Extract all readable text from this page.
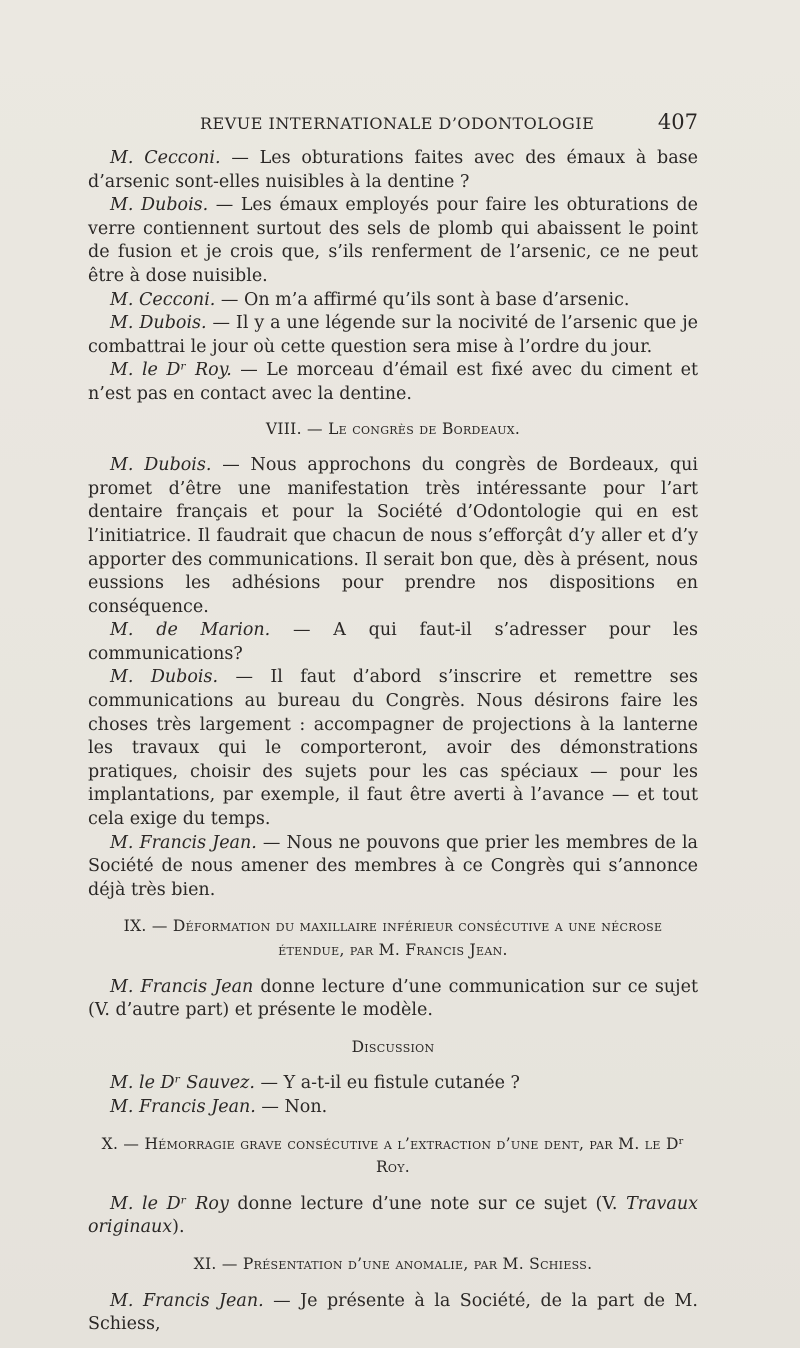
REVUE INTERNATIONALE D’ODONTOLOGIE	407

M. Cecconi. — Les obturations faites avec des émaux à base d’arsenic sont-elles nuisibles à la dentine ?

M. Dubois. — Les émaux employés pour faire les obturations de verre contiennent surtout des sels de plomb qui abaissent le point de fusion et je crois que, s’ils renferment de l’arsenic, ce ne peut être à dose nuisible.

M. Cecconi. — On m’a affirmé qu’ils sont à base d’arsenic.

M. Dubois. — Il y a une légende sur la nocivité de l’arsenic que je combattrai le jour où cette question sera mise à l’ordre du jour.

M. le Dʳ Roy. — Le morceau d’émail est fixé avec du ciment et n’est pas en contact avec la dentine.

VIII. — Le congrès de Bordeaux.

M. Dubois. — Nous approchons du congrès de Bordeaux, qui promet d’être une manifestation très intéressante pour l’art dentaire français et pour la Société d’Odontologie qui en est l’initiatrice. Il faudrait que chacun de nous s’efforçât d’y aller et d’y apporter des communications. Il serait bon que, dès à présent, nous eussions les adhésions pour prendre nos dispositions en conséquence.

M. de Marion. — A qui faut-il s’adresser pour les communications?

M. Dubois. — Il faut d’abord s’inscrire et remettre ses communications au bureau du Congrès. Nous désirons faire les choses très largement : accompagner de projections à la lanterne les travaux qui le comporteront, avoir des démonstrations pratiques, choisir des sujets pour les cas spéciaux — pour les implantations, par exemple, il faut être averti à l’avance — et tout cela exige du temps.

M. Francis Jean. — Nous ne pouvons que prier les membres de la Société de nous amener des membres à ce Congrès qui s’annonce déjà très bien.

IX. — Déformation du maxillaire inférieur consécutive a une nécrose étendue, par M. Francis Jean.

M. Francis Jean donne lecture d’une communication sur ce sujet (V. d’autre part) et présente le modèle.

Discussion

M. le Dʳ Sauvez. — Y a-t-il eu fistule cutanée ?

M. Francis Jean. — Non.

X. — Hémorragie grave consécutive a l’extraction d’une dent, par M. le Dʳ Roy.

M. le Dʳ Roy donne lecture d’une note sur ce sujet (V. Travaux originaux).

XI. — Présentation d’une anomalie, par M. Schiess.

M. Francis Jean. — Je présente à la Société, de la part de M. Schiess,
